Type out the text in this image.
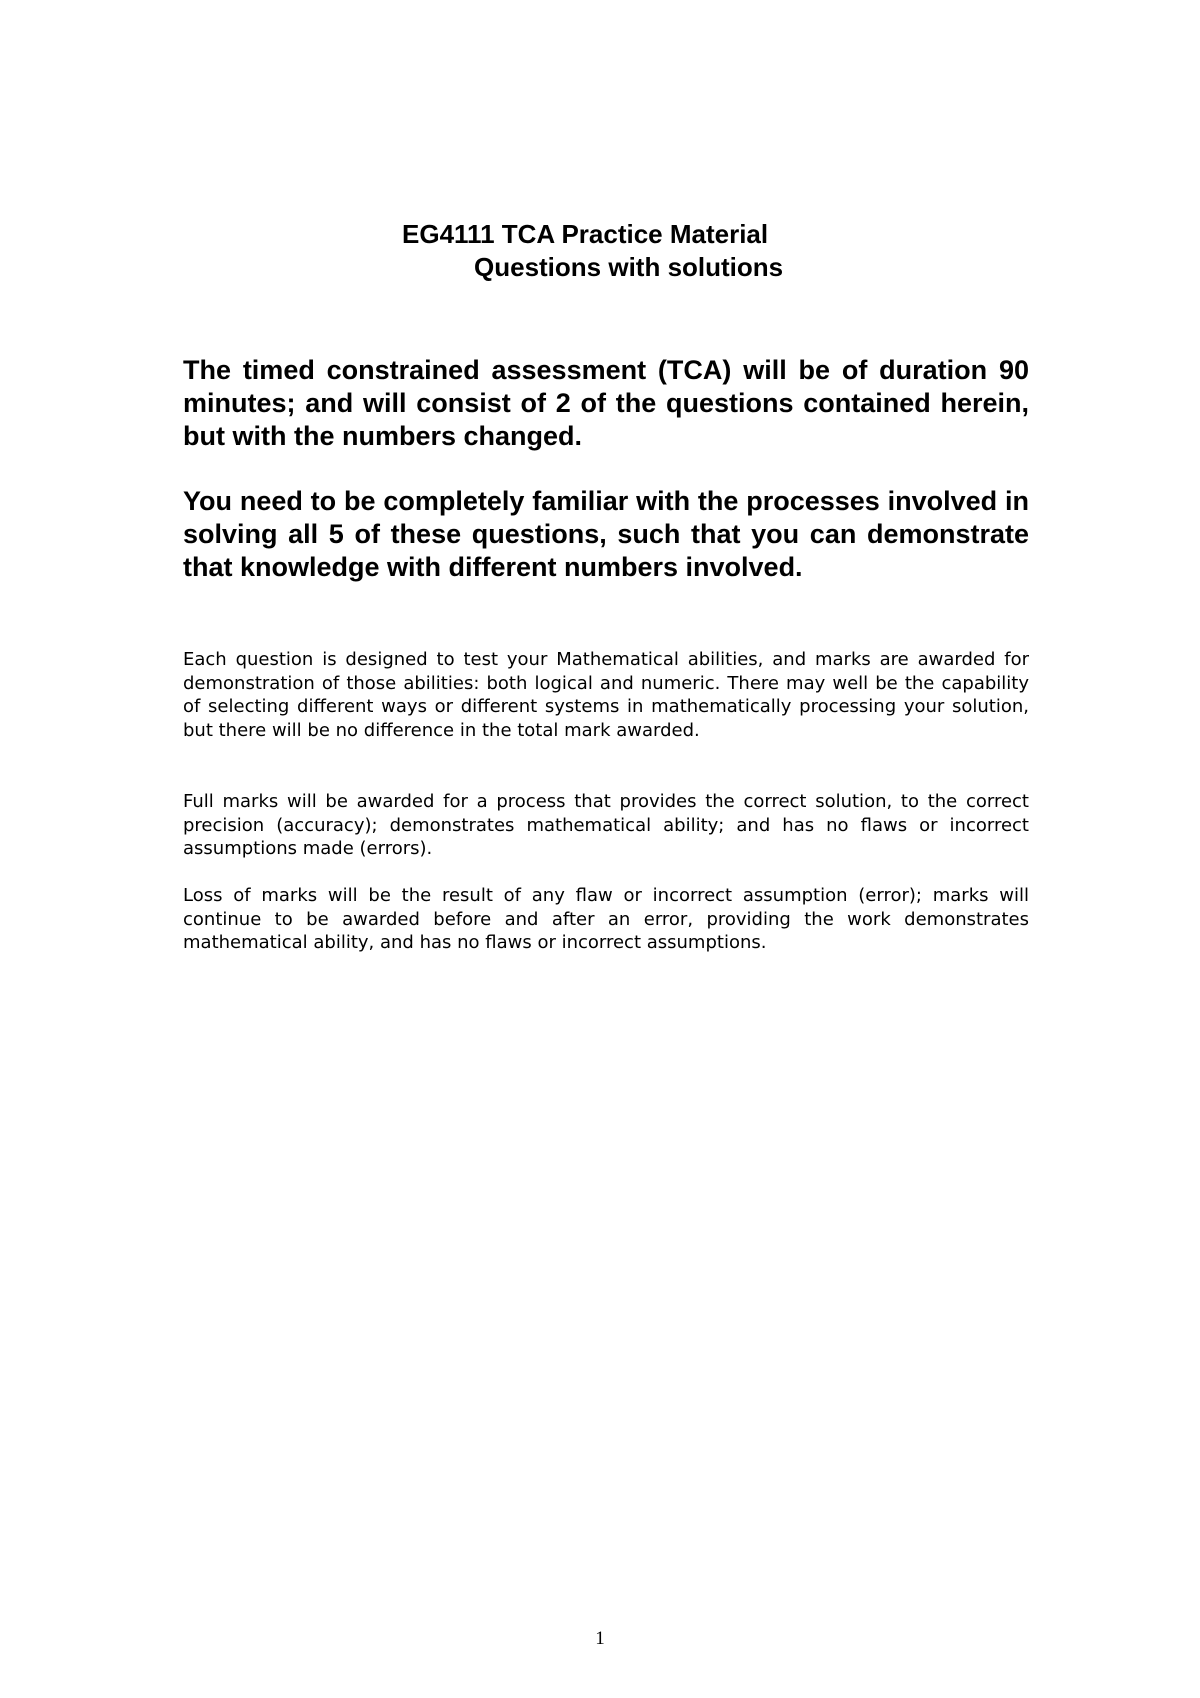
EG4111 TCA Practice Material
Questions with solutions

The timed constrained assessment (TCA) will be of duration 90 minutes; and will consist of 2 of the questions contained herein, but with the numbers changed.

You need to be completely familiar with the processes involved in solving all 5 of these questions, such that you can demonstrate that knowledge with different numbers involved.

Each question is designed to test your Mathematical abilities, and marks are awarded for demonstration of those abilities: both logical and numeric. There may well be the capability of selecting different ways or different systems in mathematically processing your solution, but there will be no difference in the total mark awarded.

Full marks will be awarded for a process that provides the correct solution, to the correct precision (accuracy); demonstrates mathematical ability; and has no flaws or incorrect assumptions made (errors).

Loss of marks will be the result of any flaw or incorrect assumption (error); marks will continue to be awarded before and after an error, providing the work demonstrates mathematical ability, and has no flaws or incorrect assumptions.

1
